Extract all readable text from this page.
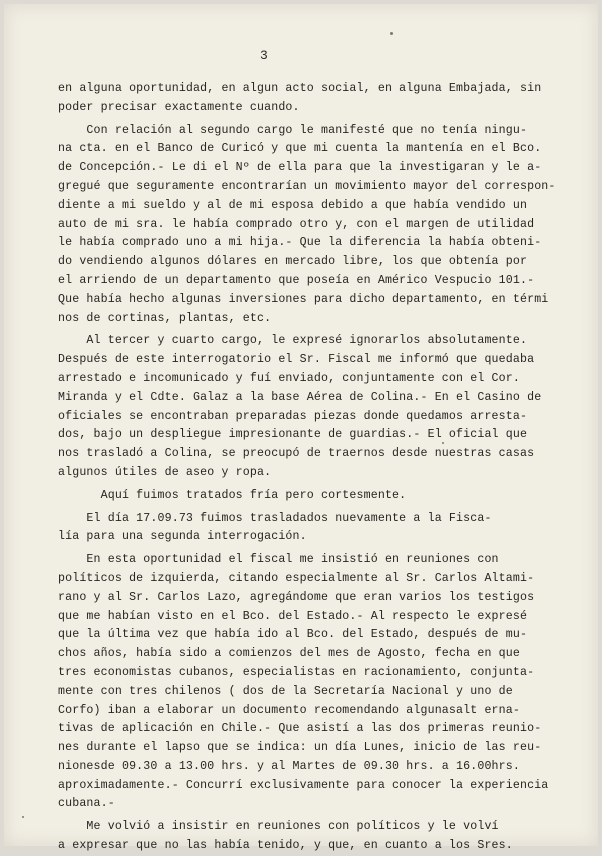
3
en alguna oportunidad, en algun acto social, en alguna Embajada, sin
poder precisar exactamente cuando.
Con relación al segundo cargo le manifesté que no tenía ningu-
na cta. en el Banco de Curicó y que mi cuenta la mantenía en el Bco.
de Concepción.- Le di el Nº de ella para que la investigaran y le a-
gregué que seguramente encontrarían un movimiento mayor del correspon-
diente a mi sueldo y al de mi esposa debido a que había vendido un
auto de mi sra. le había comprado otro y, con el margen de utilidad
le había comprado uno a mi hija.- Que la diferencia la había obteni-
do vendiendo algunos dólares en mercado libre, los que obtenía por
el arriendo de un departamento que poseía en Américo Vespucio 101.-
Que había hecho algunas inversiones para dicho departamento, en térmi
nos de cortinas, plantas, etc.
Al tercer y cuarto cargo, le expresé ignorarlos absolutamente.
Después de este interrogatorio el Sr. Fiscal me informó que quedaba
arrestado e incomunicado y fuí enviado, conjuntamente con el Cor.
Miranda y el Cdte. Galaz a la base Aérea de Colina.- En el Casino de
oficiales se encontraban preparadas piezas donde quedamos arresta-
dos, bajo un despliegue impresionante de guardias.- El oficial que
nos trasladó a Colina, se preocupó de traernos desde nuestras casas
algunos útiles de aseo y ropa.
Aquí fuimos tratados fría pero cortesmente.
El día 17.09.73 fuimos trasladados nuevamente a la Fisca-
lía para una segunda interrogación.
En esta oportunidad el fiscal me insistió en reuniones con
políticos de izquierda, citando especialmente al Sr. Carlos Altami-
rano y al Sr. Carlos Lazo, agregándome que eran varios los testigos
que me habían visto en el Bco. del Estado.- Al respecto le expresé
que la última vez que había ido al Bco. del Estado, después de mu-
chos años, había sido a comienzos del mes de Agosto, fecha en que
tres economistas cubanos, especialistas en racionamiento, conjunta-
mente con tres chilenos ( dos de la Secretaría Nacional y uno de
Corfo) iban a elaborar un documento recomendando algunasalt erna-
tivas de aplicación en Chile.- Que asistí a las dos primeras reunio-
nes durante el lapso que se indica: un día Lunes, inicio de las reu-
nionesde 09.30 a 13.00 hrs. y al Martes de 09.30 hrs. a 16.00hrs.
aproximadamente.- Concurrí exclusivamente para conocer la experiencia
cubana.-
Me volvió a insistir en reuniones con políticos y le volví
a expresar que no las había tenido, y que, en cuanto a los Sres.
